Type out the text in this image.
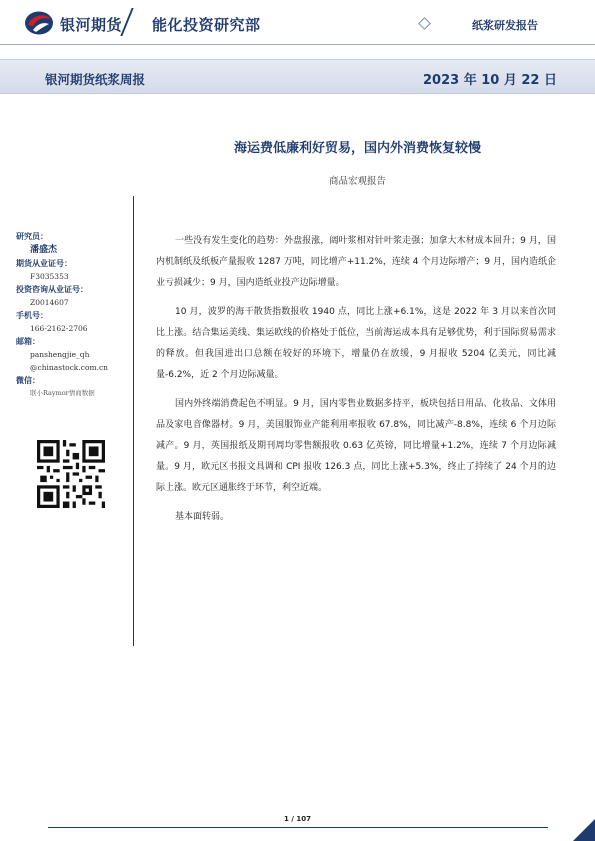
银河期货 能化投资研究部	纸浆研发报告
银河期货纸浆周报	2023 年 10 月 22 日
海运费低廉利好贸易，国内外消费恢复较慢
商品宏观报告
研究员：
潘盛杰
期货从业证号：
F3035353
投资咨询从业证号：
Z0014607
手机号：
166-2162-2706
邮箱：
panshengjie_qh
@chinastock.com.cn
微信：
联小Raymor情商数据

一些没有发生变化的趋势：外盘报涨，阔叶浆相对针叶浆走强；加拿大木材成本回升；9 月，国内机制纸及纸板产量报收 1287 万吨，同比增产+11.2%，连续 4 个月边际增产；9 月，国内造纸企业亏损减少；9 月，国内造纸业投产边际增量。

10 月，波罗的海干散货指数报收 1940 点，同比上涨+6.1%，这是 2022 年 3 月以来首次同比上涨。结合集运美线、集运欧线的价格处于低位，当前海运成本具有足够优势，利于国际贸易需求的释放。但我国进出口总额在较好的环境下，增量仍在放缓，9 月报收 5204 亿美元，同比减量-6.2%，近 2 个月边际减量。

国内外终端消费起色不明显。9 月，国内零售业数据多持平，板块包括日用品、化妆品、文体用品及家电音像器材。9 月，美国服饰业产能利用率报收 67.8%，同比减产-8.8%，连续 6 个月边际减产。9 月，英国报纸及期刊周均零售额报收 0.63 亿英镑，同比增量+1.2%，连续 7 个月边际减量。9 月，欧元区书报文具调和 CPI 报收 126.3 点，同比上涨+5.3%，终止了持续了 24 个月的边际上涨。欧元区通胀终于环节，利空近端。

基本面转弱。

1 / 107
